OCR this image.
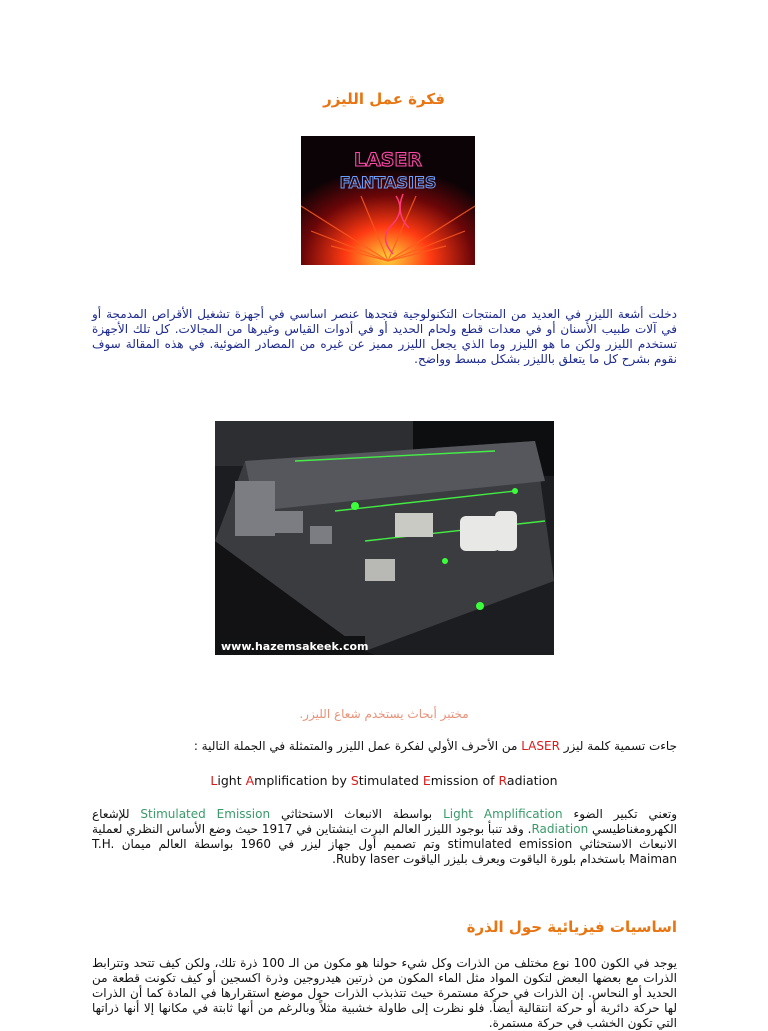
فكرة عمل الليزر
LASER
FANTASIES
دخلت أشعة الليزر في العديد من المنتجات التكنولوجية فتجدها عنصر اساسي في أجهزة تشغيل الأقراص المدمجة أو في آلات طبيب الأسنان أو في معدات قطع ولحام الحديد أو في أدوات القياس وغيرها من المجالات. كل تلك الأجهزة تستخدم الليزر ولكن ما هو الليزر وما الذي يجعل الليزر مميز عن غيره من المصادر الضوئية. في هذه المقالة سوف نقوم بشرح كل ما يتعلق بالليزر بشكل مبسط وواضح.
www.hazemsakeek.com
مختبر أبحاث يستخدم شعاع الليزر.
جاءت تسمية كلمة ليزر LASER من الأحرف الأولي لفكرة عمل الليزر والمتمثلة في الجملة التالية :
Light Amplification by Stimulated Emission of Radiation
وتعني تكبير الضوء Light Amplification بواسطة الانبعاث الاستحثاثي Stimulated Emission للإشعاع الكهرومغناطيسي Radiation. وقد تنبأ بوجود الليزر العالم البرت اينشتاين في 1917 حيث وضع الأساس النظري لعملية الانبعاث الاستحثاثي stimulated emission وتم تصميم أول جهاز ليزر في 1960 بواسطة العالم ميمان T.H. Maiman باستخدام بلورة الياقوت ويعرف بليزر الياقوت Ruby laser.
اساسيات فيزيائية حول الذرة
يوجد في الكون 100 نوع مختلف من الذرات وكل شيء حولنا هو مكون من الـ 100 ذرة تلك، ولكن كيف تتحد وتترابط الذرات مع بعضها البعض لتكون المواد مثل الماء المكون من ذرتين هيدروجين وذرة اكسجين أو كيف تكونت قطعة من الحديد أو النحاس. إن الذرات في حركة مستمرة حيث تتذبذب الذرات حول موضع استقرارها في المادة كما أن الذرات لها حركة دائرية أو حركة انتقالية أيضاً. فلو نظرت إلى طاولة خشبية مثلاً وبالرغم من أنها ثابتة في مكانها إلا أنها ذراتها التي تكون الخشب في حركة مستمرة.
